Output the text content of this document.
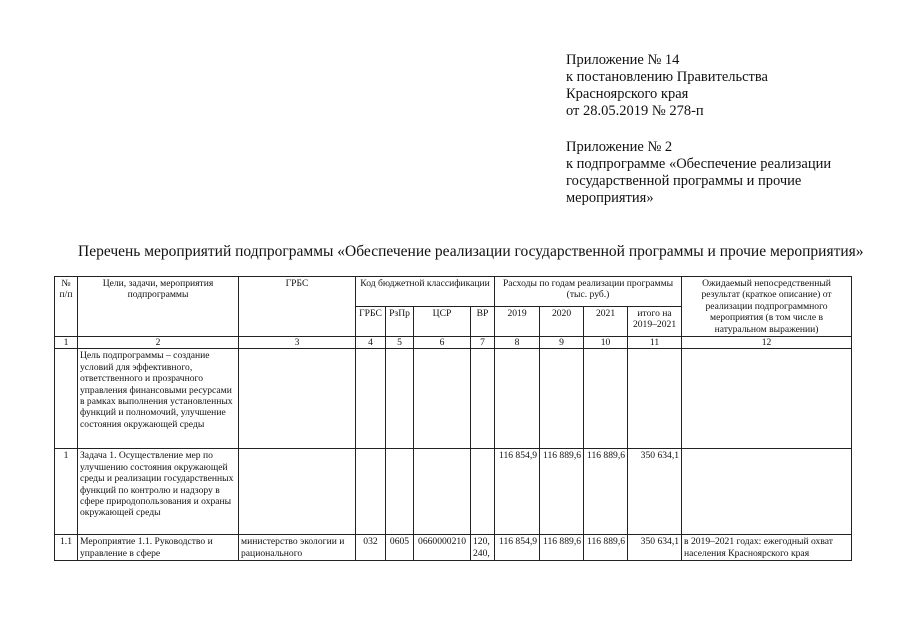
Приложение № 14
к постановлению Правительства
Красноярского края
от 28.05.2019 № 278-п
Приложение № 2
к подпрограмме «Обеспечение реализации
государственной программы и прочие
мероприятия»
Перечень мероприятий подпрограммы «Обеспечение реализации государственной программы и прочие мероприятия»
№ п/п	Цели, задачи, мероприятия подпрограммы	ГРБС	Код бюджетной классификации				Расходы по годам реализации программы (тыс. руб.)				Ожидаемый непосредственный результат (краткое описание) от реализации подпрограммного мероприятия (в том числе в натуральном выражении)
			ГРБС	РзПр	ЦСР	ВР	2019	2020	2021	итого на 2019–2021	
1	2	3	4	5	6	7	8	9	10	11	12
	Цель подпрограммы – создание условий для эффективного, ответственного и прозрачного управления финансовыми ресурсами в рамках выполнения установленных функций и полномочий, улучшение состояния окружающей среды										
1	Задача 1. Осуществление мер по улучшению состояния окружающей среды и реализации государственных функций по контролю и надзору в сфере природопользования и охраны окружающей среды						116 854,9	116 889,6	116 889,6	350 634,1	
1.1	Мероприятие 1.1. Руководство и управление в сфере	министерство экологии и рационального	032	0605	0660000210	120, 240,	116 854,9	116 889,6	116 889,6	350 634,1	в 2019–2021 годах: ежегодный охват населения Красноярского края
